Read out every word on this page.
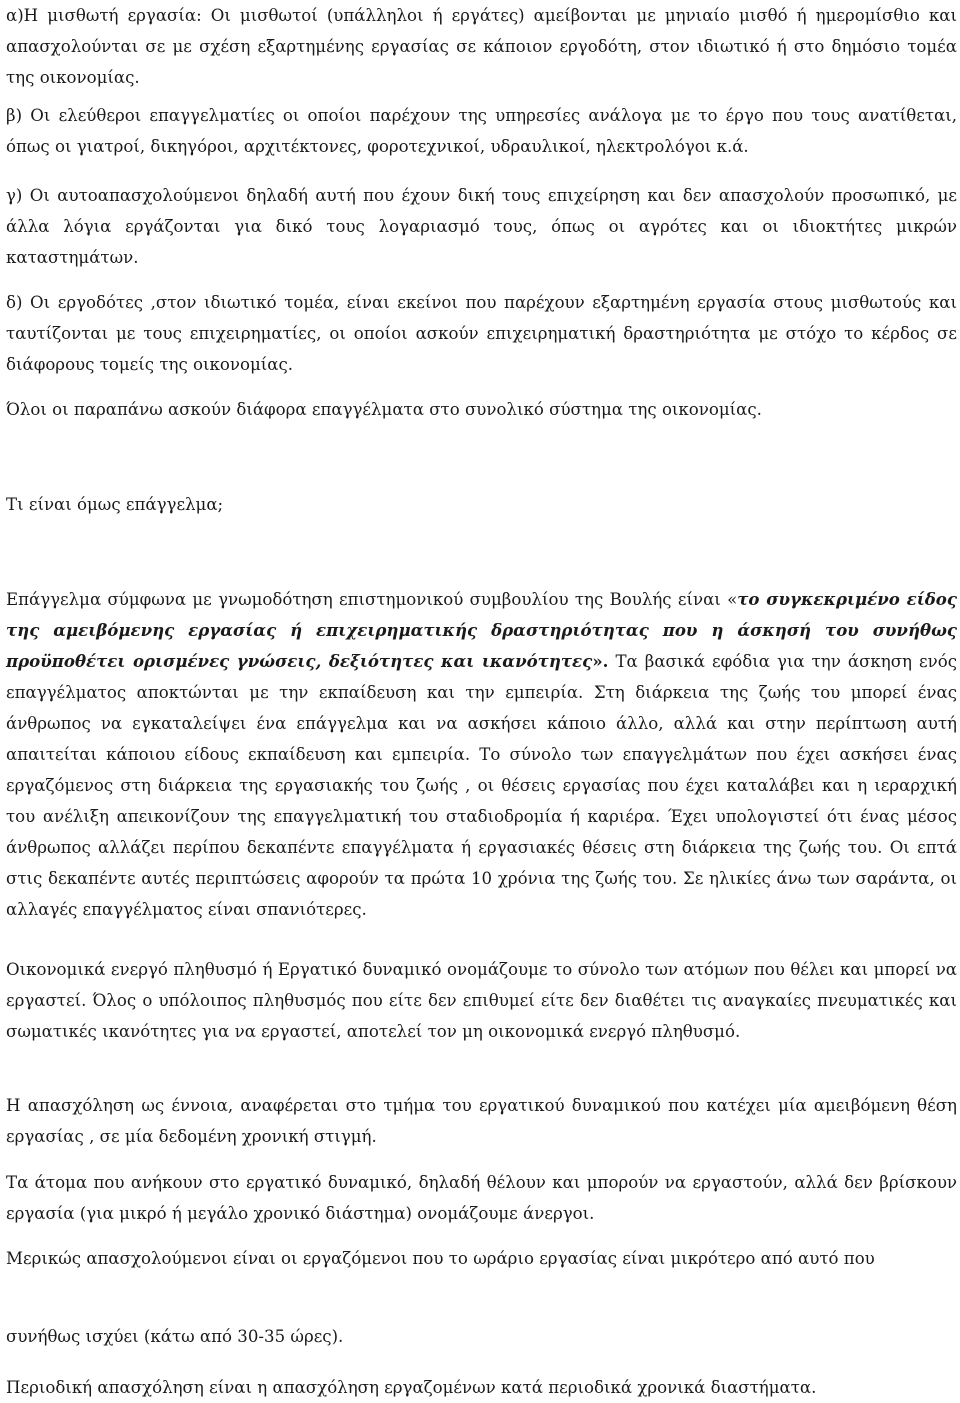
α)Η μισθωτή εργασία: Οι μισθωτοί (υπάλληλοι ή εργάτες) αμείβονται με μηνιαίο μισθό ή ημερομίσθιο και απασχολούνται σε με σχέση εξαρτημένης εργασίας σε κάποιον εργοδότη, στον ιδιωτικό ή στο δημόσιο τομέα της οικονομίας.

β) Οι ελεύθεροι επαγγελματίες οι οποίοι παρέχουν της υπηρεσίες ανάλογα με το έργο που τους ανατίθεται, όπως οι γιατροί, δικηγόροι, αρχιτέκτονες, φοροτεχνικοί, υδραυλικοί, ηλεκτρολόγοι κ.ά.

γ) Οι αυτοαπασχολούμενοι δηλαδή αυτή που έχουν δική τους επιχείρηση και δεν απασχολούν προσωπικό, με άλλα λόγια εργάζονται για δικό τους λογαριασμό τους, όπως οι αγρότες και οι ιδιοκτήτες μικρών καταστημάτων.

δ) Οι εργοδότες ,στον ιδιωτικό τομέα, είναι εκείνοι που παρέχουν εξαρτημένη εργασία στους μισθωτούς και ταυτίζονται με τους επιχειρηματίες, οι οποίοι ασκούν επιχειρηματική δραστηριότητα με στόχο το κέρδος σε διάφορους τομείς της οικονομίας.

Όλοι οι παραπάνω ασκούν διάφορα επαγγέλματα στο συνολικό σύστημα της οικονομίας.

Τι είναι όμως επάγγελμα;

Επάγγελμα σύμφωνα με γνωμοδότηση επιστημονικού συμβουλίου της Βουλής είναι «το συγκεκριμένο είδος της αμειβόμενης εργασίας ή επιχειρηματικής δραστηριότητας που η άσκησή του συνήθως προϋποθέτει ορισμένες γνώσεις, δεξιότητες και ικανότητες». Τα βασικά εφόδια για την άσκηση ενός επαγγέλματος αποκτώνται με την εκπαίδευση και την εμπειρία. Στη διάρκεια της ζωής του μπορεί ένας άνθρωπος να εγκαταλείψει ένα επάγγελμα και να ασκήσει κάποιο άλλο, αλλά και στην περίπτωση αυτή απαιτείται κάποιου είδους εκπαίδευση και εμπειρία. Το σύνολο των επαγγελμάτων που έχει ασκήσει ένας εργαζόμενος στη διάρκεια της εργασιακής του ζωής , οι θέσεις εργασίας που έχει καταλάβει και η ιεραρχική του ανέλιξη απεικονίζουν της επαγγελματική του σταδιοδρομία ή καριέρα. Έχει υπολογιστεί ότι ένας μέσος άνθρωπος αλλάζει περίπου δεκαπέντε επαγγέλματα ή εργασιακές θέσεις στη διάρκεια της ζωής του. Οι επτά στις δεκαπέντε αυτές περιπτώσεις αφορούν τα πρώτα 10 χρόνια της ζωής του. Σε ηλικίες άνω των σαράντα, οι αλλαγές επαγγέλματος είναι σπανιότερες.

Οικονομικά ενεργό πληθυσμό ή Εργατικό δυναμικό ονομάζουμε το σύνολο των ατόμων που θέλει και μπορεί να εργαστεί. Όλος ο υπόλοιπος πληθυσμός που είτε δεν επιθυμεί είτε δεν διαθέτει τις αναγκαίες πνευματικές και σωματικές ικανότητες για να εργαστεί, αποτελεί τον μη οικονομικά ενεργό πληθυσμό.

Η απασχόληση ως έννοια, αναφέρεται στο τμήμα του εργατικού δυναμικού που κατέχει μία αμειβόμενη θέση εργασίας , σε μία δεδομένη χρονική στιγμή.

Τα άτομα που ανήκουν στο εργατικό δυναμικό, δηλαδή θέλουν και μπορούν να εργαστούν, αλλά δεν βρίσκουν εργασία (για μικρό ή μεγάλο χρονικό διάστημα) ονομάζουμε άνεργοι.

Μερικώς απασχολούμενοι είναι οι εργαζόμενοι που το ωράριο εργασίας είναι μικρότερο από αυτό που

συνήθως ισχύει (κάτω από 30-35 ώρες).

Περιοδική απασχόληση είναι η απασχόληση εργαζομένων κατά περιοδικά χρονικά διαστήματα.
